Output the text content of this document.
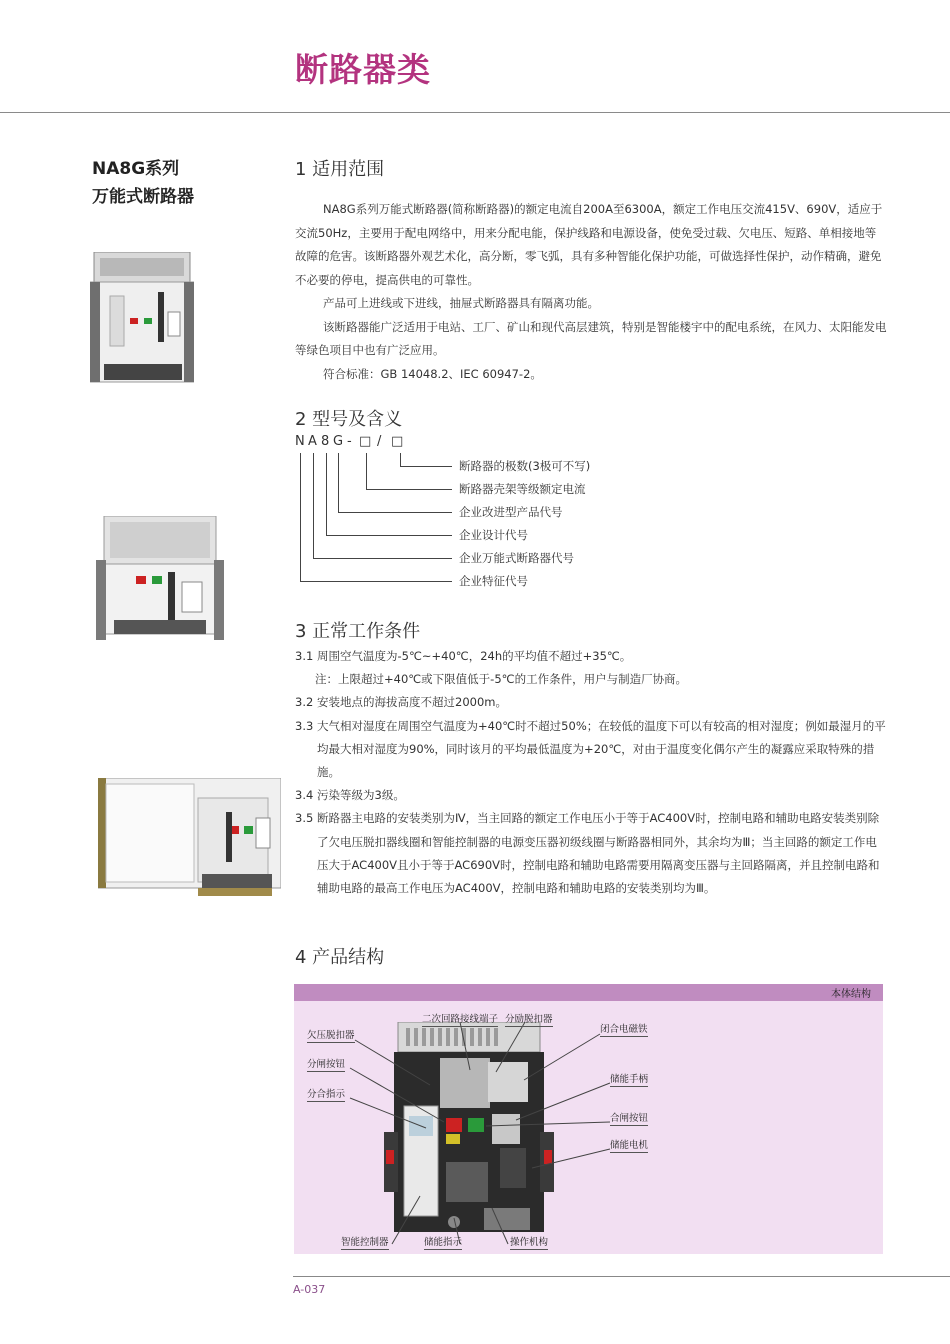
断路器类
NA8G系列
万能式断路器
1 适用范围

NA8G系列万能式断路器(简称断路器)的额定电流自200A至6300A，额定工作电压交流415V、690V，适应于交流50Hz，主要用于配电网络中，用来分配电能，保护线路和电源设备，使免受过载、欠电压、短路、单相接地等故障的危害。该断路器外观艺术化，高分断，零飞弧，具有多种智能化保护功能，可做选择性保护，动作精确，避免不必要的停电，提高供电的可靠性。

产品可上进线或下进线，抽屉式断路器具有隔离功能。

该断路器能广泛适用于电站、工厂、矿山和现代高层建筑，特别是智能楼宇中的配电系统，在风力、太阳能发电等绿色项目中也有广泛应用。

符合标准：GB 14048.2、IEC 60947-2。

2 型号及含义
N A 8 G - □ / □
断路器的极数(3极可不写)
断路器壳架等级额定电流
企业改进型产品代号
企业设计代号
企业万能式断路器代号
企业特征代号
3 正常工作条件
3.1 周围空气温度为-5℃~+40℃，24h的平均值不超过+35℃。
注：上限超过+40℃或下限值低于-5℃的工作条件，用户与制造厂协商。
3.2 安装地点的海拔高度不超过2000m。
3.3 大气相对湿度在周围空气温度为+40℃时不超过50%；在较低的温度下可以有较高的相对湿度；例如最湿月的平均最大相对湿度为90%，同时该月的平均最低温度为+20℃，对由于温度变化偶尔产生的凝露应采取特殊的措施。
3.4 污染等级为3级。
3.5 断路器主电路的安装类别为Ⅳ，当主回路的额定工作电压小于等于AC400V时，控制电路和辅助电路安装类别除了欠电压脱扣器线圈和智能控制器的电源变压器初级线圈与断路器相同外，其余均为Ⅲ；当主回路的额定工作电压大于AC400V且小于等于AC690V时，控制电路和辅助电路需要用隔离变压器与主回路隔离，并且控制电路和辅助电路的最高工作电压为AC400V，控制电路和辅助电路的安装类别均为Ⅲ。
4 产品结构
本体结构
二次回路接线端子 分励脱扣器
闭合电磁铁
欠压脱扣器
分闸按钮
分合指示
储能手柄
合闸按钮
储能电机
智能控制器	储能指示	操作机构
A-037
